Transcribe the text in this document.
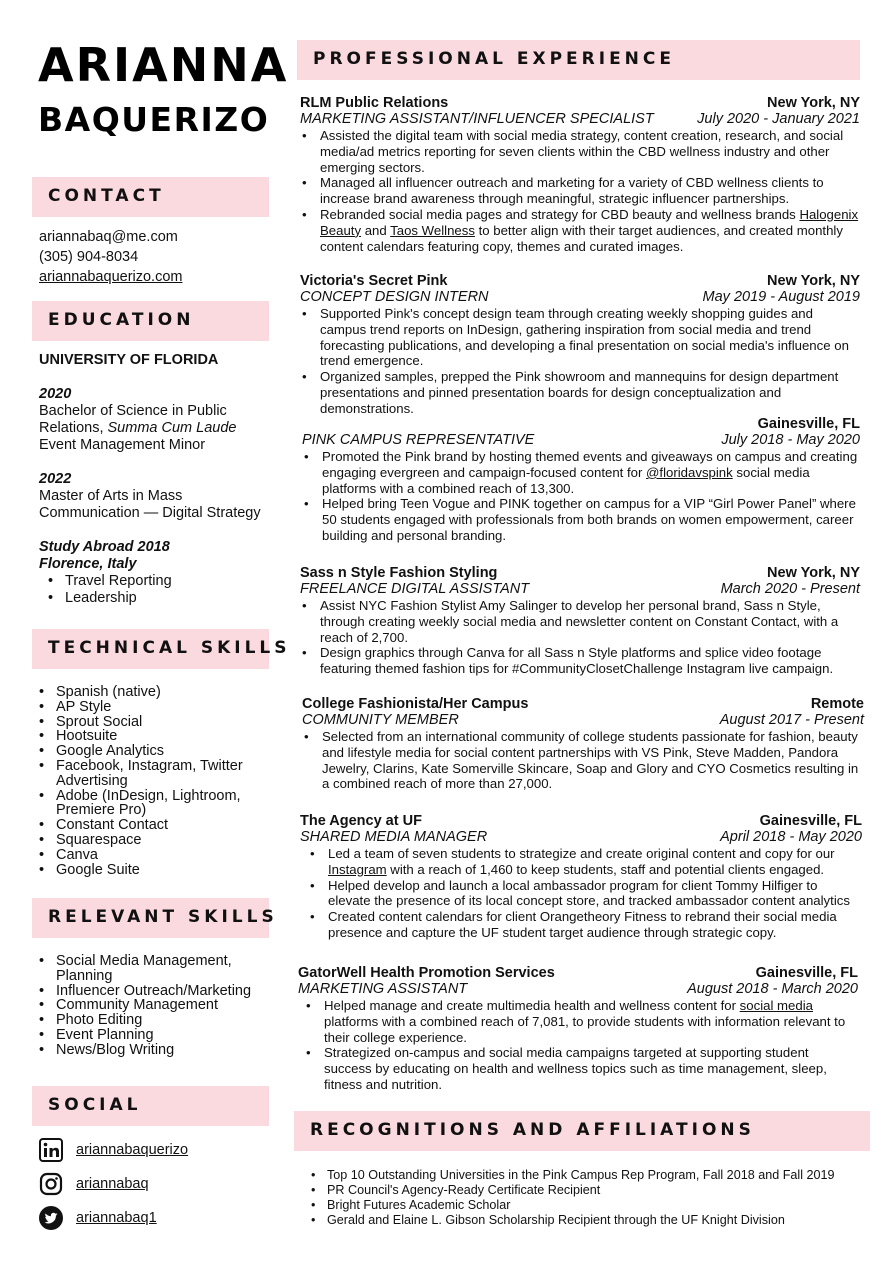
ARIANNA
BAQUERIZO
CONTACT
ariannabaq@me.com
(305) 904-8034
ariannabaquerizo.com
EDUCATION
UNIVERSITY OF FLORIDA
2020
Bachelor of Science in Public
Relations, Summa Cum Laude
Event Management Minor
2022
Master of Arts in Mass
Communication — Digital Strategy
Study Abroad 2018
Florence, Italy
• Travel Reporting
• Leadership
TECHNICAL SKILLS
• Spanish (native)
• AP Style
• Sprout Social
• Hootsuite
• Google Analytics
• Facebook, Instagram, Twitter Advertising
• Adobe (InDesign, Lightroom, Premiere Pro)
• Constant Contact
• Squarespace
• Canva
• Google Suite
RELEVANT SKILLS
• Social Media Management, Planning
• Influencer Outreach/Marketing
• Community Management
• Photo Editing
• Event Planning
• News/Blog Writing
SOCIAL
ariannabaquerizo
ariannabaq
ariannabaq1
PROFESSIONAL EXPERIENCE
RLM Public Relations	New York, NY
MARKETING ASSISTANT/INFLUENCER SPECIALIST	July 2020 - January 2021
• Assisted the digital team with social media strategy, content creation, research, and social media/ad metrics reporting for seven clients within the CBD wellness industry and other emerging sectors.
• Managed all influencer outreach and marketing for a variety of CBD wellness clients to increase brand awareness through meaningful, strategic influencer partnerships.
• Rebranded social media pages and strategy for CBD beauty and wellness brands Halogenix Beauty and Taos Wellness to better align with their target audiences, and created monthly content calendars featuring copy, themes and curated images.
Victoria's Secret Pink	New York, NY
CONCEPT DESIGN INTERN	May 2019 - August 2019
• Supported Pink's concept design team through creating weekly shopping guides and campus trend reports on InDesign, gathering inspiration from social media and trend forecasting publications, and developing a final presentation on social media's influence on trend emergence.
• Organized samples, prepped the Pink showroom and mannequins for design department presentations and pinned presentation boards for design conceptualization and demonstrations.
Gainesville, FL
PINK CAMPUS REPRESENTATIVE	July 2018 - May 2020
• Promoted the Pink brand by hosting themed events and giveaways on campus and creating engaging evergreen and campaign-focused content for @floridavspink social media platforms with a combined reach of 13,300.
• Helped bring Teen Vogue and PINK together on campus for a VIP “Girl Power Panel” where 50 students engaged with professionals from both brands on women empowerment, career building and personal branding.
Sass n Style Fashion Styling	New York, NY
FREELANCE DIGITAL ASSISTANT	March 2020 - Present
• Assist NYC Fashion Stylist Amy Salinger to develop her personal brand, Sass n Style, through creating weekly social media and newsletter content on Constant Contact, with a reach of 2,700.
• Design graphics through Canva for all Sass n Style platforms and splice video footage featuring themed fashion tips for #CommunityClosetChallenge Instagram live campaign.
College Fashionista/Her Campus	Remote
COMMUNITY MEMBER	August 2017 - Present
• Selected from an international community of college students passionate for fashion, beauty and lifestyle media for social content partnerships with VS Pink, Steve Madden, Pandora Jewelry, Clarins, Kate Somerville Skincare, Soap and Glory and CYO Cosmetics resulting in a combined reach of more than 27,000.
The Agency at UF	Gainesville, FL
SHARED MEDIA MANAGER	April 2018 - May 2020
• Led a team of seven students to strategize and create original content and copy for our Instagram with a reach of 1,460 to keep students, staff and potential clients engaged.
• Helped develop and launch a local ambassador program for client Tommy Hilfiger to elevate the presence of its local concept store, and tracked ambassador content analytics
• Created content calendars for client Orangetheory Fitness to rebrand their social media presence and capture the UF student target audience through strategic copy.
GatorWell Health Promotion Services	Gainesville, FL
MARKETING ASSISTANT	August 2018 - March 2020
• Helped manage and create multimedia health and wellness content for social media platforms with a combined reach of 7,081, to provide students with information relevant to their college experience.
• Strategized on-campus and social media campaigns targeted at supporting student success by educating on health and wellness topics such as time management, sleep, fitness and nutrition.
RECOGNITIONS AND AFFILIATIONS
• Top 10 Outstanding Universities in the Pink Campus Rep Program, Fall 2018 and Fall 2019
• PR Council's Agency-Ready Certificate Recipient
• Bright Futures Academic Scholar
• Gerald and Elaine L. Gibson Scholarship Recipient through the UF Knight Division
